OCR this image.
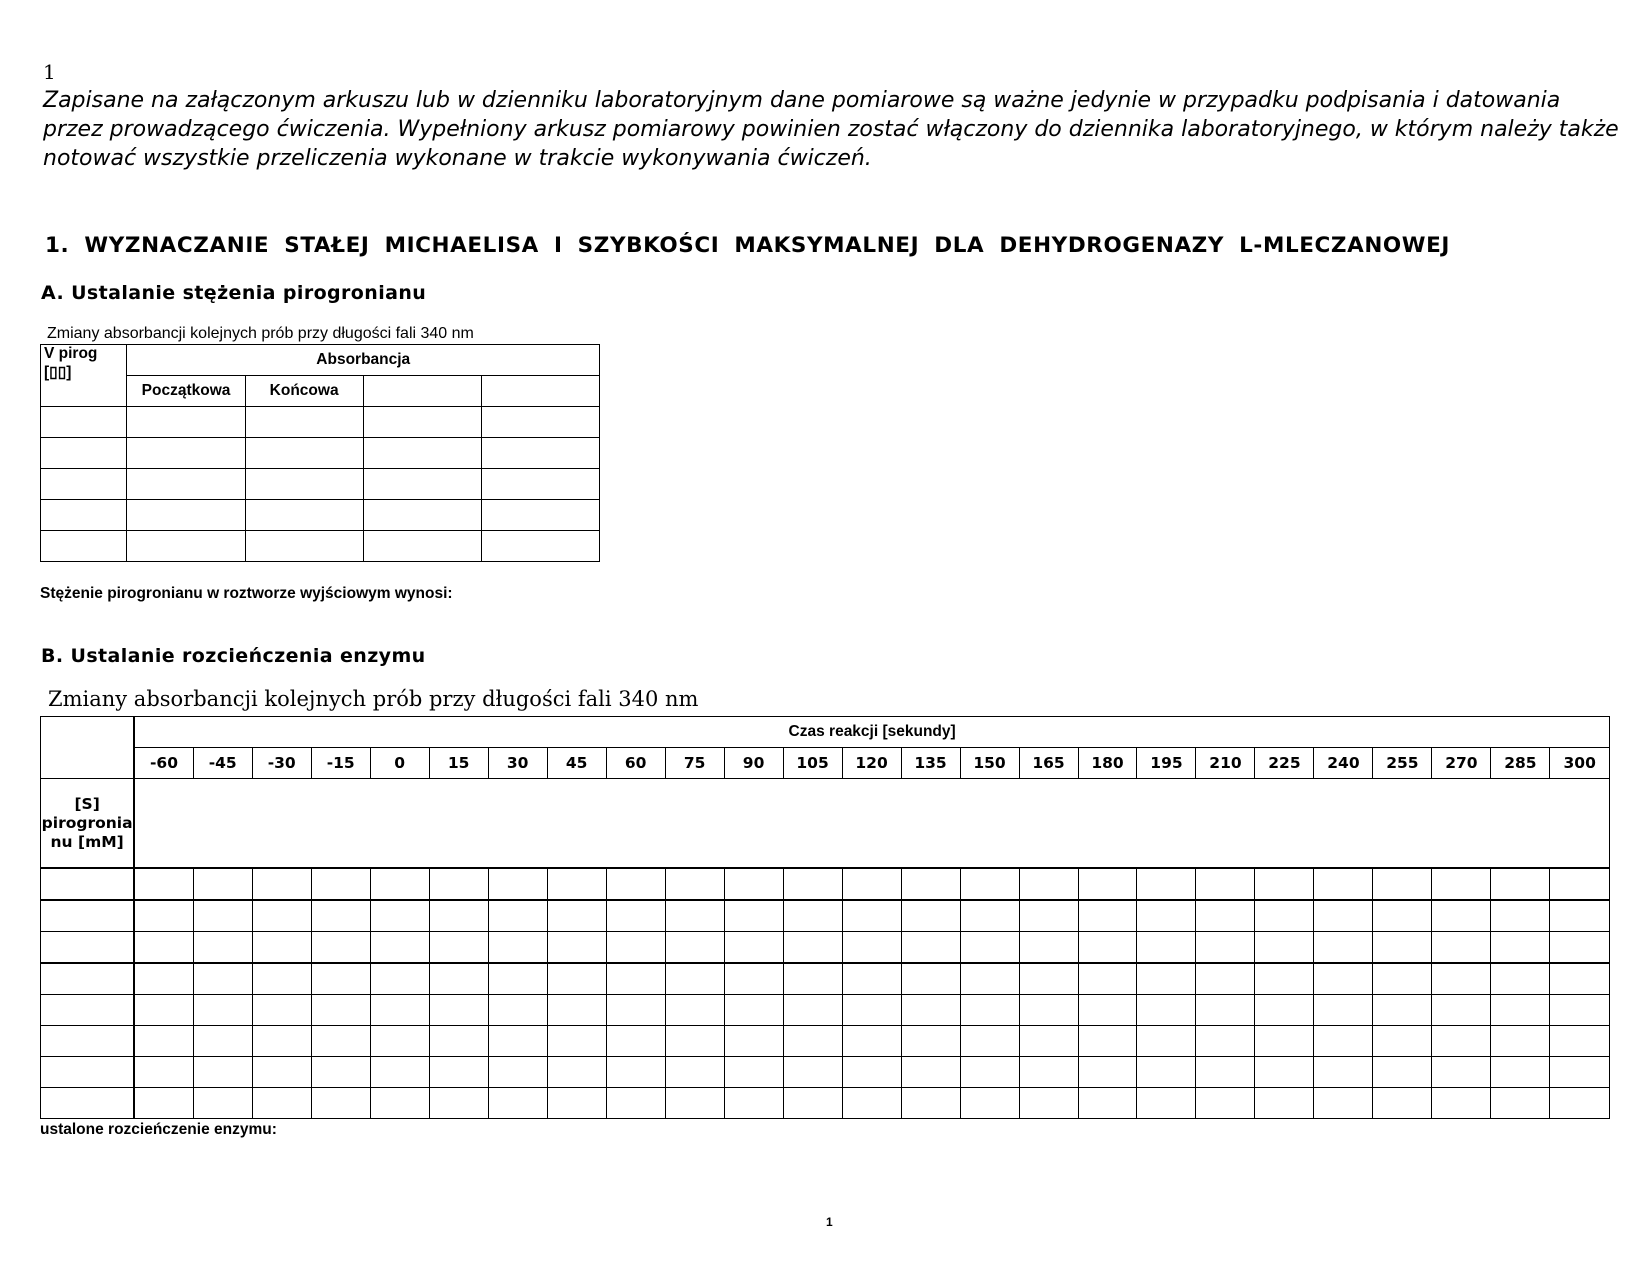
1
Zapisane na załączonym arkuszu lub w dzienniku laboratoryjnym dane pomiarowe są ważne jedynie w przypadku podpisania i datowania przez prowadzącego ćwiczenia. Wypełniony arkusz pomiarowy powinien zostać włączony do dziennika laboratoryjnego, w którym należy także notować wszystkie przeliczenia wykonane w trakcie wykonywania ćwiczeń.
1. WYZNACZANIE STAŁEJ MICHAELISA I SZYBKOŚCI MAKSYMALNEJ DLA DEHYDROGENAZY L-MLECZANOWEJ
A. Ustalanie stężenia pirogronianu
Zmiany absorbancji kolejnych prób przy długości fali 340 nm
V pirog [▯▯]	Absorbancja			
	Początkowa	Końcowa		

Stężenie pirogronianu w roztworze wyjściowym wynosi:
B. Ustalanie rozcieńczenia enzymu
Zmiany absorbancji kolejnych prób przy długości fali 340 nm
	Czas reakcji [sekundy]																								
	-60	-45	-30	-15	0	15	30	45	60	75	90	105	120	135	150	165	180	195	210	225	240	255	270	285	300
[S] pirogronia nu [mM]																									

ustalone rozcieńczenie enzymu:
1
